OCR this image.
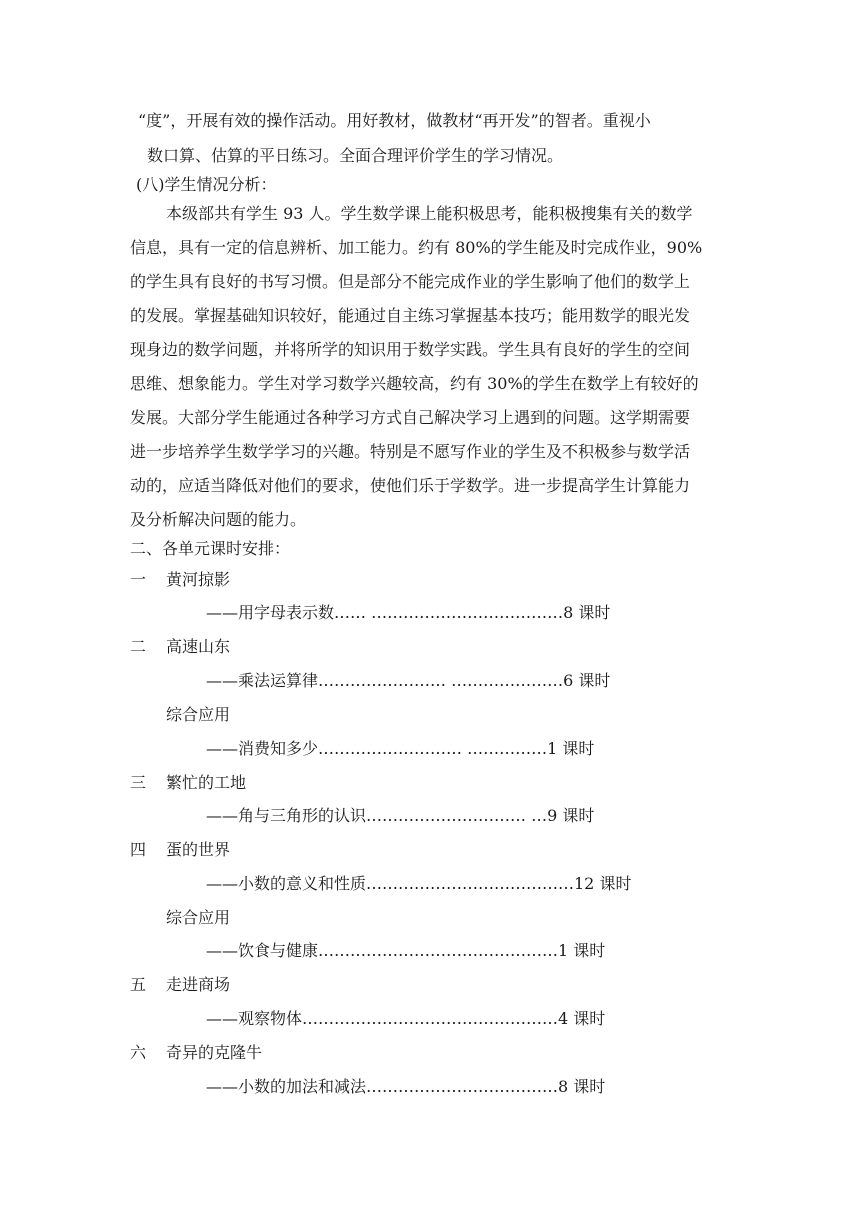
“度”，开展有效的操作活动。用好教材，做教材“再开发”的智者。重视小
数口算、估算的平日练习。全面合理评价学生的学习情况。
(八)学生情况分析：
本级部共有学生 93 人。学生数学课上能积极思考，能积极搜集有关的数学
信息，具有一定的信息辨析、加工能力。约有 80%的学生能及时完成作业，90%
的学生具有良好的书写习惯。但是部分不能完成作业的学生影响了他们的数学上
的发展。掌握基础知识较好，能通过自主练习掌握基本技巧；能用数学的眼光发
现身边的数学问题，并将所学的知识用于数学实践。学生具有良好的学生的空间
思维、想象能力。学生对学习数学兴趣较高，约有 30%的学生在数学上有较好的
发展。大部分学生能通过各种学习方式自己解决学习上遇到的问题。这学期需要
进一步培养学生数学学习的兴趣。特别是不愿写作业的学生及不积极参与数学活
动的，应适当降低对他们的要求，使他们乐于学数学。进一步提高学生计算能力
及分析解决问题的能力。
二、各单元课时安排：
一 黄河掠影
——用字母表示数…… ………………………………8 课时
二 高速山东
——乘法运算律…………………… …………………6 课时
综合应用
——消费知多少……………………… ……………1 课时
三 繁忙的工地
——角与三角形的认识………………………… …9 课时
四 蛋的世界
——小数的意义和性质…………………………………12 课时
综合应用
——饮食与健康………………………………………1 课时
五 走进商场
——观察物体…………………………………………4 课时
六 奇异的克隆牛
——小数的加法和减法………………………………8 课时
